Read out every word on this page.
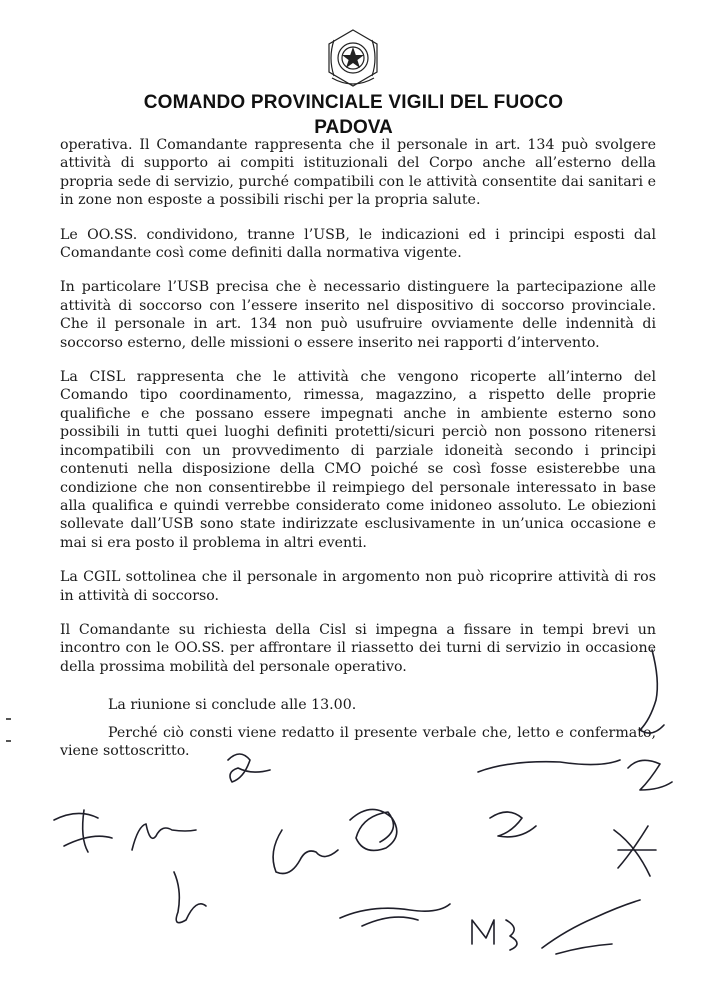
COMANDO PROVINCIALE VIGILI DEL FUOCO
PADOVA

operativa. Il Comandante rappresenta che il personale in art. 134 può svolgere attività di supporto ai compiti istituzionali del Corpo anche all’esterno della propria sede di servizio, purché compatibili con le attività consentite dai sanitari e in zone non esposte a possibili rischi per la propria salute.

Le OO.SS. condividono, tranne l’USB, le indicazioni ed i principi esposti dal Comandante così come definiti dalla normativa vigente.

In particolare l’USB precisa che è necessario distinguere la partecipazione alle attività di soccorso con l’essere inserito nel dispositivo di soccorso provinciale. Che il personale in art. 134 non può usufruire ovviamente delle indennità di soccorso esterno, delle missioni o essere inserito nei rapporti d’intervento.

La CISL rappresenta che le attività che vengono ricoperte all’interno del Comando tipo coordinamento, rimessa, magazzino, a rispetto delle proprie qualifiche e che possano essere impegnati anche in ambiente esterno sono possibili in tutti quei luoghi definiti protetti/sicuri perciò non possono ritenersi incompatibili con un provvedimento di parziale idoneità secondo i principi contenuti nella disposizione della CMO poiché se così fosse esisterebbe una condizione che non consentirebbe il reimpiego del personale interessato in base alla qualifica e quindi verrebbe considerato come inidoneo assoluto. Le obiezioni sollevate dall’USB sono state indirizzate esclusivamente in un’unica occasione e mai si era posto il problema in altri eventi.

La CGIL sottolinea che il personale in argomento non può ricoprire attività di ros in attività di soccorso.

Il Comandante su richiesta della Cisl si impegna a fissare in tempi brevi un incontro con le OO.SS. per affrontare il riassetto dei turni di servizio in occasione della prossima mobilità del personale operativo.

La riunione si conclude alle 13.00.
Perché ciò consti viene redatto il presente verbale che, letto e confermato, viene sottoscritto.
